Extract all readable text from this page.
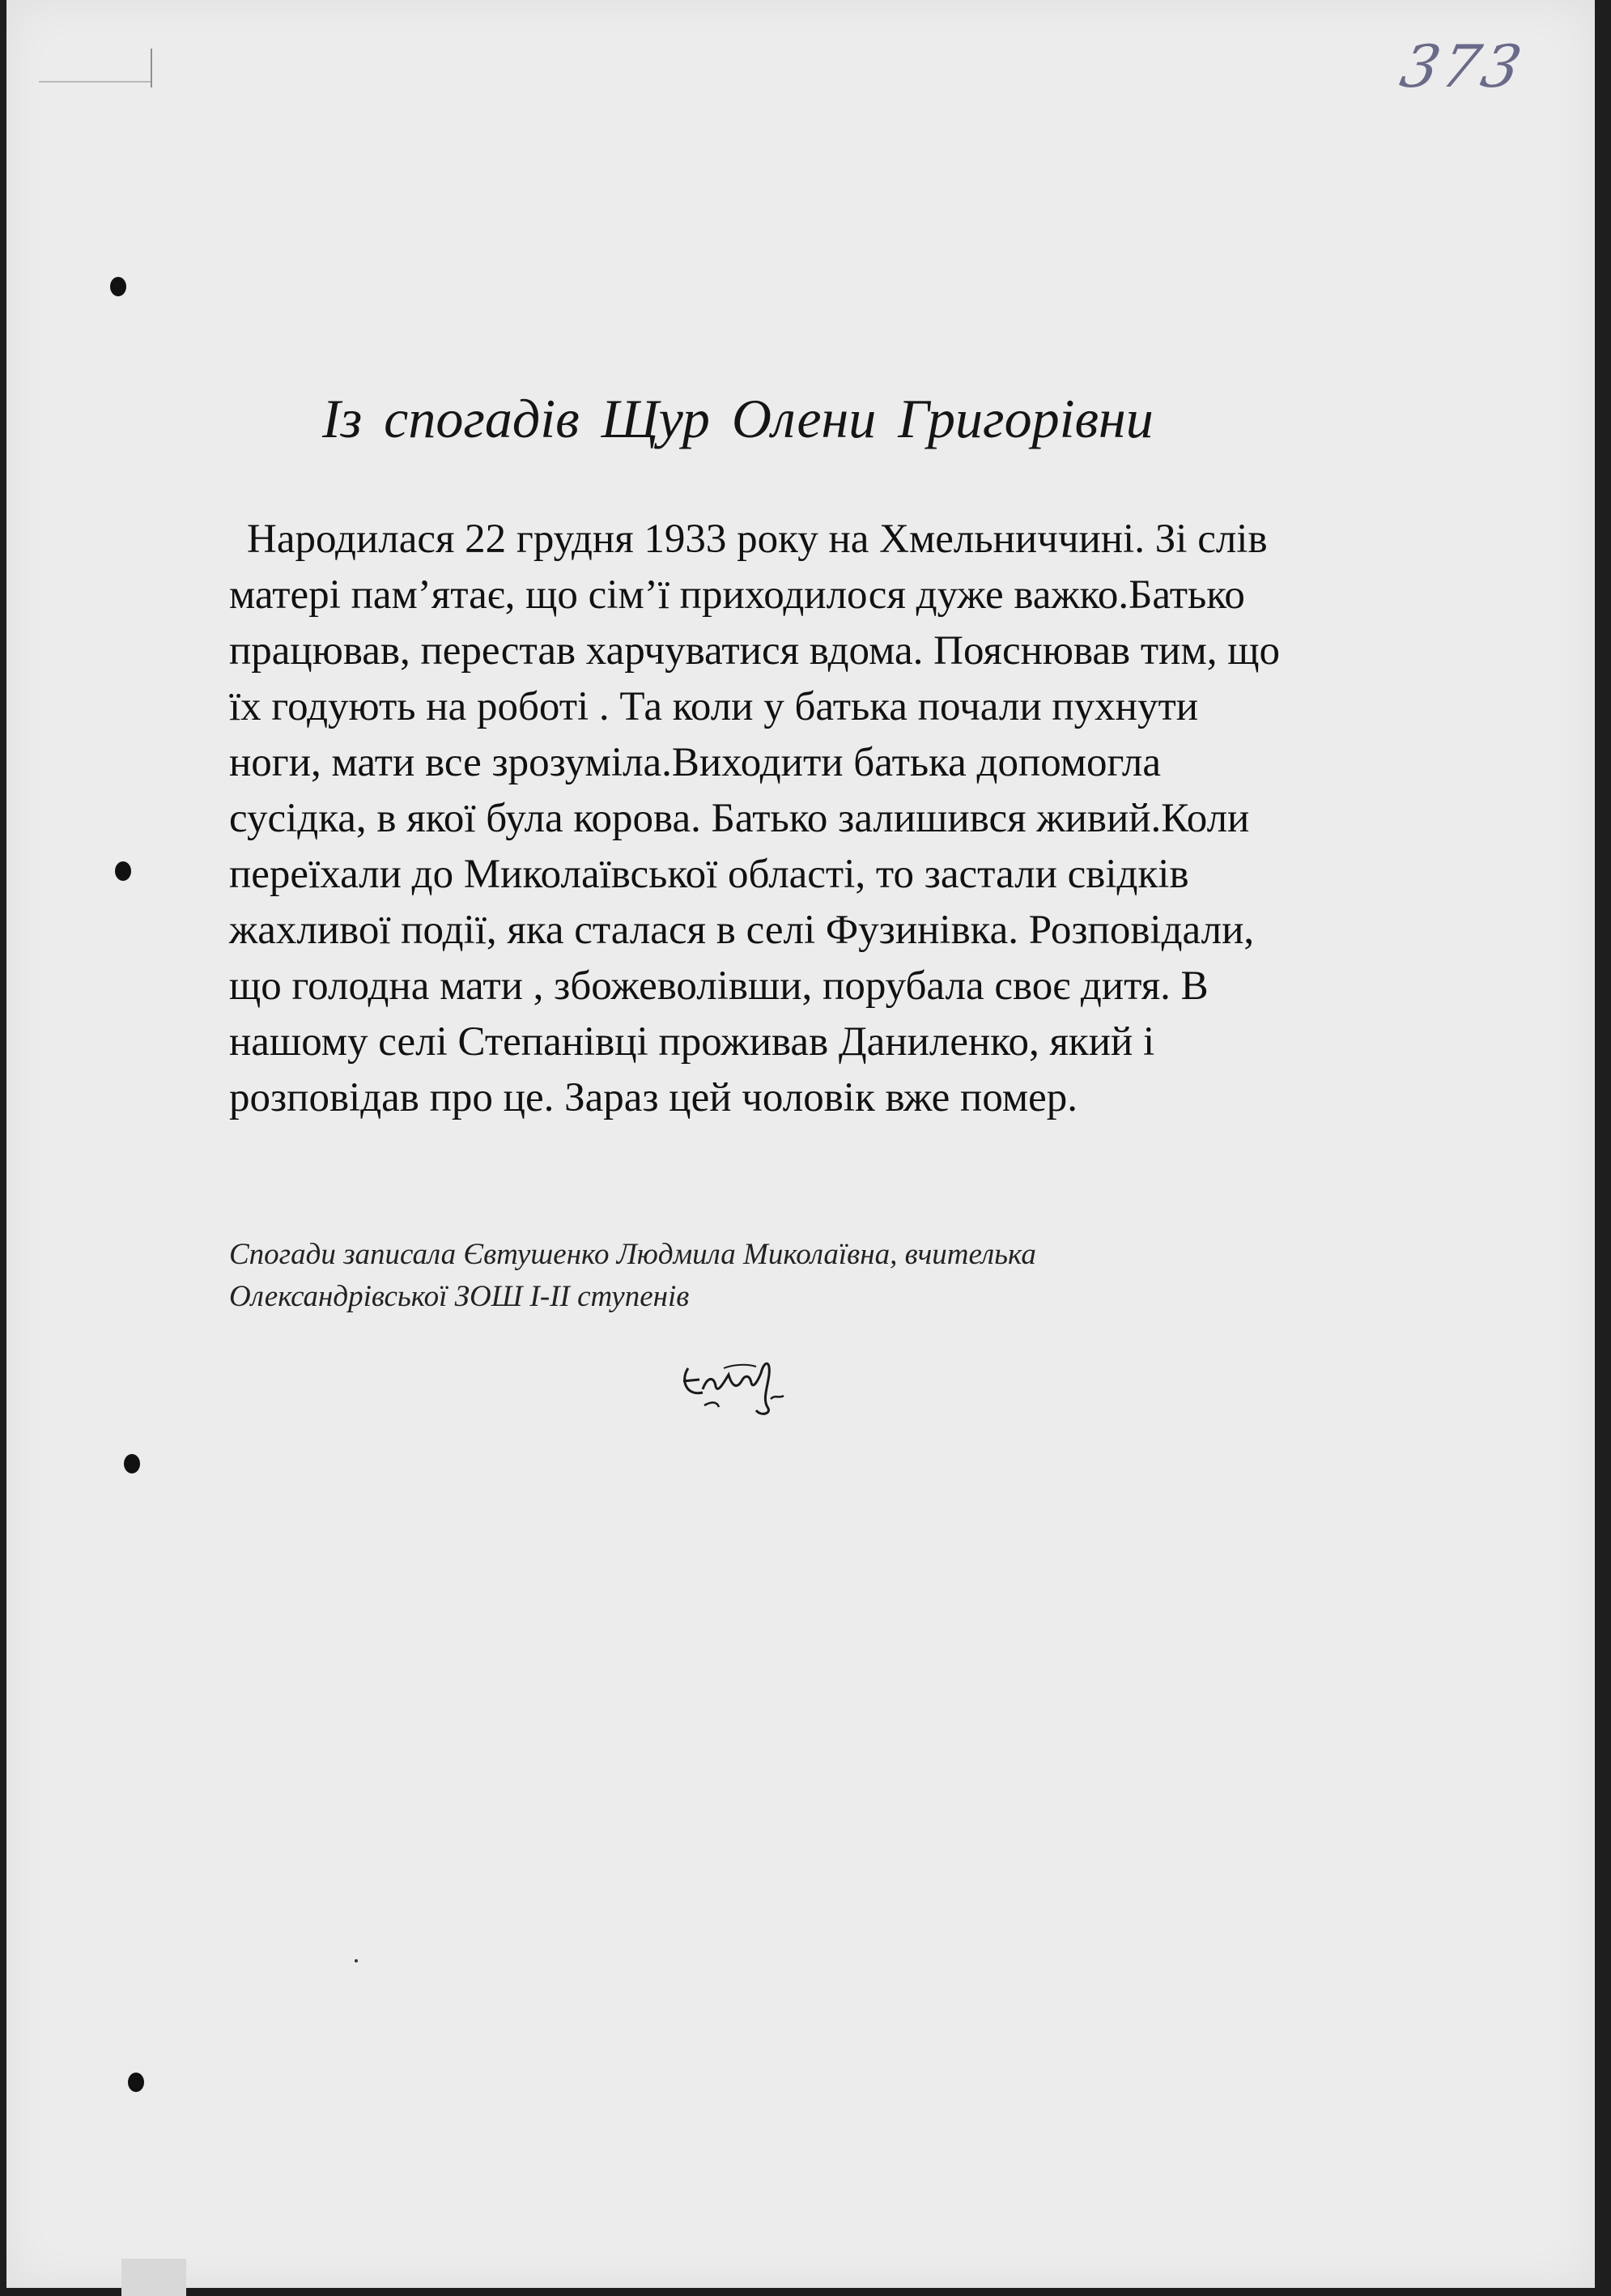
373
Із спогадів Щур Олени Григорівни
Народилася 22 грудня 1933 року на Хмельниччині. Зі слів
матері пам’ятає, що сім’ї приходилося дуже важко.Батько
працював, перестав харчуватися вдома. Пояснював тим, що
їх годують на роботі . Та коли у батька почали пухнути
ноги, мати все зрозуміла.Виходити батька допомогла
сусідка, в якої була корова. Батько залишився живий.Коли
переїхали до Миколаївської області, то застали свідків
жахливої події, яка сталася в селі Фузинівка. Розповідали,
що голодна мати , збожеволівши, порубала своє дитя. В
нашому селі Степанівці проживав Даниленко, який і
розповідав про це. Зараз цей чоловік вже помер.
Спогади записала Євтушенко Людмила Миколаївна, вчителька
Олександрівської ЗОШ І-ІІ ступенів
